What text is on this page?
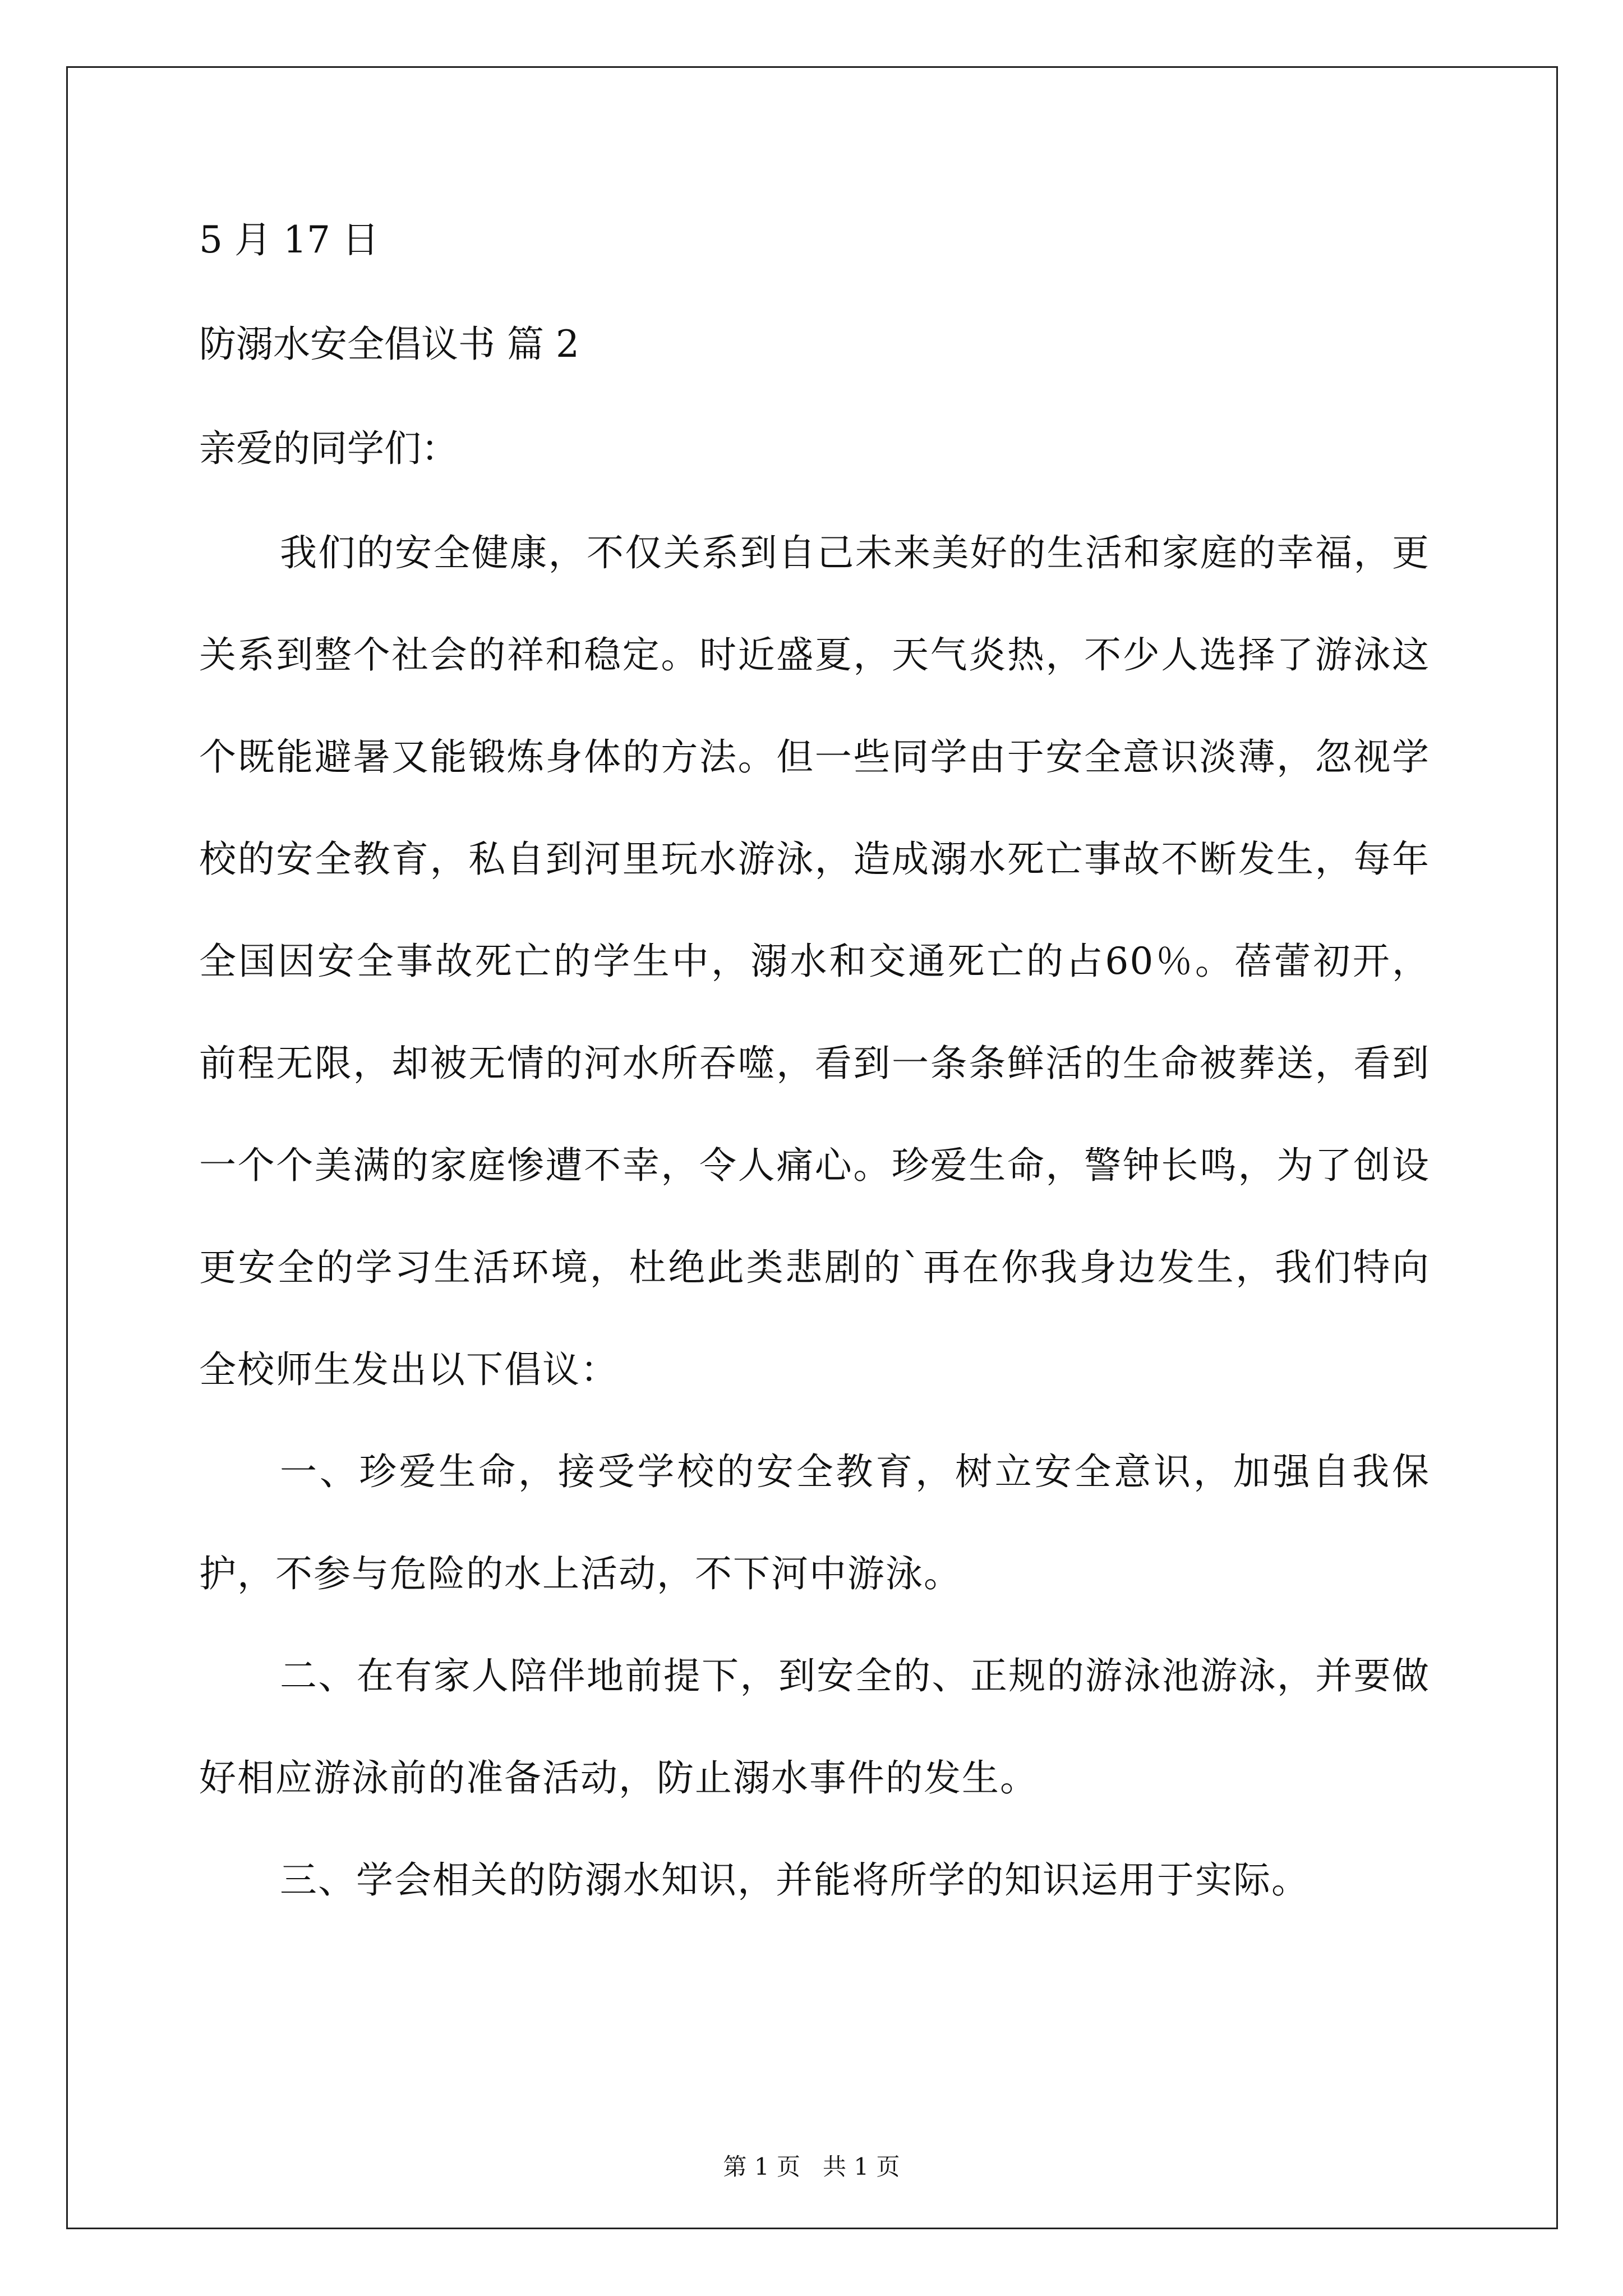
5 月 17 日
防溺水安全倡议书 篇 2
亲爱的同学们：

我们的安全健康，不仅关系到自己未来美好的生活和家庭的幸福，更关系到整个社会的祥和稳定。时近盛夏，天气炎热，不少人选择了游泳这个既能避暑又能锻炼身体的方法。但一些同学由于安全意识淡薄，忽视学校的安全教育，私自到河里玩水游泳，造成溺水死亡事故不断发生，每年全国因安全事故死亡的学生中，溺水和交通死亡的占60％。蓓蕾初开，前程无限，却被无情的河水所吞噬，看到一条条鲜活的生命被葬送，看到一个个美满的家庭惨遭不幸，令人痛心。珍爱生命，警钟长鸣，为了创设更安全的学习生活环境，杜绝此类悲剧的`再在你我身边发生，我们特向全校师生发出以下倡议：

一、珍爱生命，接受学校的安全教育，树立安全意识，加强自我保护，不参与危险的水上活动，不下河中游泳。

二、在有家人陪伴地前提下，到安全的、正规的游泳池游泳，并要做好相应游泳前的准备活动，防止溺水事件的发生。

三、学会相关的防溺水知识，并能将所学的知识运用于实际。

第 1 页   共 1 页
